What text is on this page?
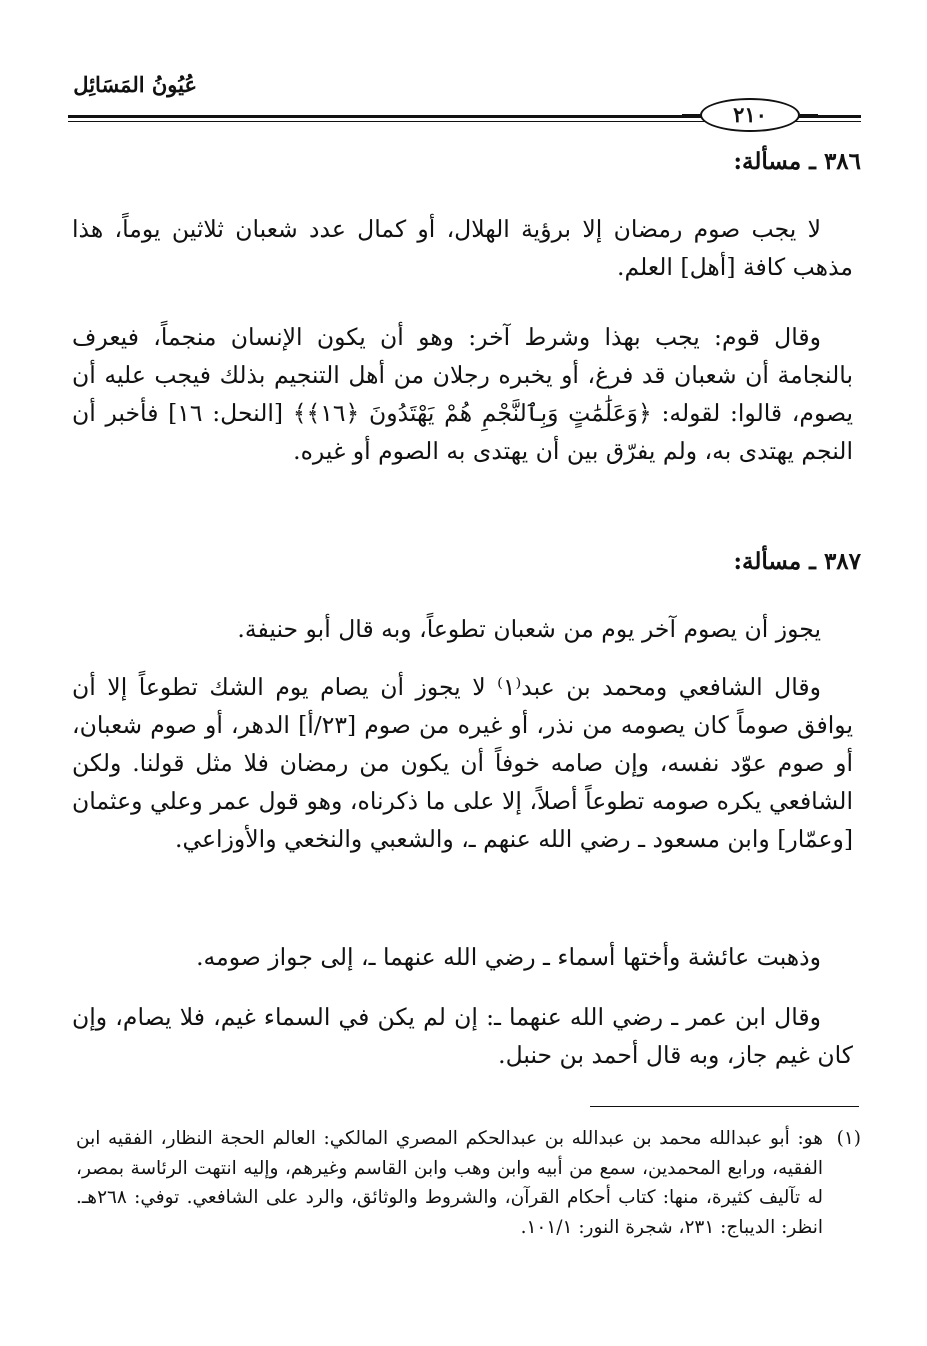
عُيُونُ المَسَائِل
٢١٠
٣٨٦ ـ مسألة:

لا يجب صوم رمضان إلا برؤية الهلال، أو كمال عدد شعبان ثلاثين يوماً، هذا مذهب كافة [أهل] العلم.

وقال قوم: يجب بهذا وشرط آخر: وهو أن يكون الإنسان منجماً، فيعرف بالنجامة أن شعبان قد فرغ، أو يخبره رجلان من أهل التنجيم بذلك فيجب عليه أن يصوم، قالوا: لقوله: ﴿وَعَلَٰمَٰتٍ وَبِٱلنَّجْمِ هُمْ يَهْتَدُونَ ﴿١٦﴾﴾ [النحل: ١٦] فأخبر أن النجم يهتدى به، ولم يفرّق بين أن يهتدى به الصوم أو غيره.

٣٨٧ ـ مسألة:

يجوز أن يصوم آخر يوم من شعبان تطوعاً، وبه قال أبو حنيفة.

وقال الشافعي ومحمد بن عبد⁽١⁾ لا يجوز أن يصام يوم الشك تطوعاً إلا أن يوافق صوماً كان يصومه من نذر، أو غيره من صوم [٢٣/أ] الدهر، أو صوم شعبان، أو صوم عوّد نفسه، وإن صامه خوفاً أن يكون من رمضان فلا مثل قولنا. ولكن الشافعي يكره صومه تطوعاً أصلاً، إلا على ما ذكرناه، وهو قول عمر وعلي وعثمان [وعمّار] وابن مسعود ـ رضي الله عنهم ـ، والشعبي والنخعي والأوزاعي.

وذهبت عائشة وأختها أسماء ـ رضي الله عنهما ـ، إلى جواز صومه.

وقال ابن عمر ـ رضي الله عنهما ـ: إن لم يكن في السماء غيم، فلا يصام، وإن كان غيم جاز، وبه قال أحمد بن حنبل.

(١)
هو: أبو عبدالله محمد بن عبدالله بن عبدالحكم المصري المالكي: العالم الحجة النظار، الفقيه ابن الفقيه، ورابع المحمدين، سمع من أبيه وابن وهب وابن القاسم وغيرهم، وإليه انتهت الرئاسة بمصر، له تآليف كثيرة، منها: كتاب أحكام القرآن، والشروط والوثائق، والرد على الشافعي. توفي: ٢٦٨هـ. انظر: الديباج: ٢٣١، شجرة النور: ١٠١/١.
